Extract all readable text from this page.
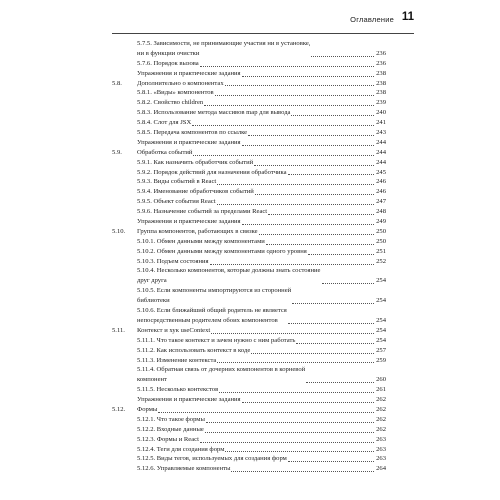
Оглавление 11
5.7.5. Зависимости, не принимающие участия ни в установке,
ни в функции очистки	236
5.7.6. Порядок вызова	236
Упражнения и практические задания	238
5.8.	Дополнительно о компонентах	238
5.8.1. «Виды» компонентов	238
5.8.2. Свойство children	239
5.8.3. Использование метода массивов map для вывода	240
5.8.4. Слот для JSX	241
5.8.5. Передача компонентов по ссылке	243
Упражнения и практические задания	244
5.9.	Обработка событий	244
5.9.1. Как назначить обработчик событий	244
5.9.2. Порядок действий для назначения обработчика	245
5.9.3. Виды событий в React	246
5.9.4. Именование обработчиков событий	246
5.9.5. Объект события React	247
5.9.6. Назначение событий за пределами React	248
Упражнения и практические задания	249
5.10.	Группа компонентов, работающих в связке	250
5.10.1. Обмен данными между компонентами	250
5.10.2. Обмен данными между компонентами одного уровня	251
5.10.3. Подъем состояния	252
5.10.4. Несколько компонентов, которые должны знать состояние
друг друга	254
5.10.5. Если компоненты импортируются из сторонней
библиотеки	254
5.10.6. Если ближайший общий родитель не является
непосредственным родителем обоих компонентов	254
5.11.	Контекст и хук useContext	254
5.11.1. Что такое контекст и зачем нужно с ним работать	254
5.11.2. Как использовать контекст в коде	257
5.11.3. Изменение контекста	259
5.11.4. Обратная связь от дочерних компонентов в корневой
компонент	260
5.11.5. Несколько контекстов	261
Упражнения и практические задания	262
5.12.	Формы	262
5.12.1. Что такое формы	262
5.12.2. Входные данные	262
5.12.3. Формы и React	263
5.12.4. Теги для создания форм	263
5.12.5. Виды тегов, используемых для создания форм	263
5.12.6. Управляемые компоненты	264
